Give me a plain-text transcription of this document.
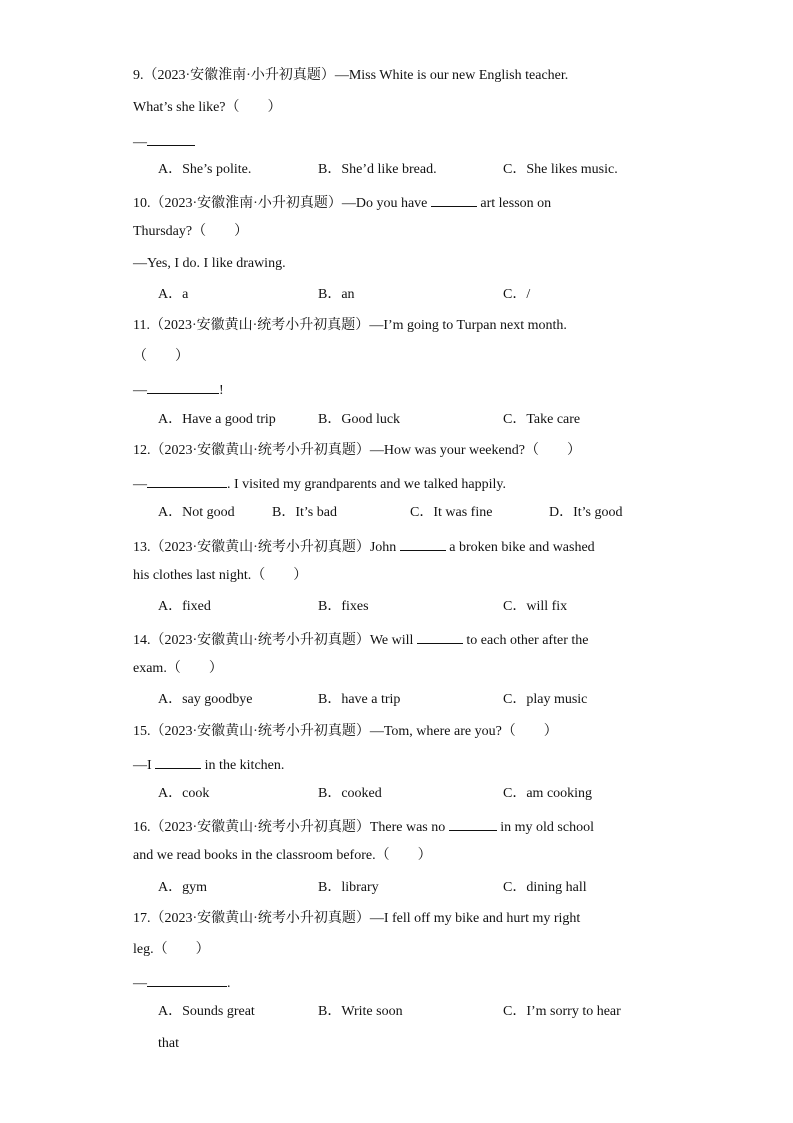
9.（2023·安徽淮南·小升初真题）—Miss White is our new English teacher.
What’s she like?（　　）
—
A．She’s polite.	B．She’d like bread.	C．She likes music.
10.（2023·安徽淮南·小升初真题）—Do you have	art lesson on
Thursday?（　　）
—Yes, I do. I like drawing.
A．a	B．an	C．/
11.（2023·安徽黄山·统考小升初真题）—I’m going to Turpan next month.
（　　）
—	!
A．Have a good trip	B．Good luck	C．Take care
12.（2023·安徽黄山·统考小升初真题）—How was your weekend?（　　）
—	. I visited my grandparents and we talked happily.
A．Not good	B．It’s bad	C．It was fine	D．It’s good
13.（2023·安徽黄山·统考小升初真题）John	a broken bike and washed
his clothes last night.（　　）
A．fixed	B．fixes	C．will fix
14.（2023·安徽黄山·统考小升初真题）We will	to each other after the
exam.（　　）
A．say goodbye	B．have a trip	C．play music
15.（2023·安徽黄山·统考小升初真题）—Tom, where are you?（　　）
—I	in the kitchen.
A．cook	B．cooked	C．am cooking
16.（2023·安徽黄山·统考小升初真题）There was no	in my old school
and we read books in the classroom before.（　　）
A．gym	B．library	C．dining hall
17.（2023·安徽黄山·统考小升初真题）—I fell off my bike and hurt my right
leg.（　　）
—	.
A．Sounds great	B．Write soon	C．I’m sorry to hear
that
